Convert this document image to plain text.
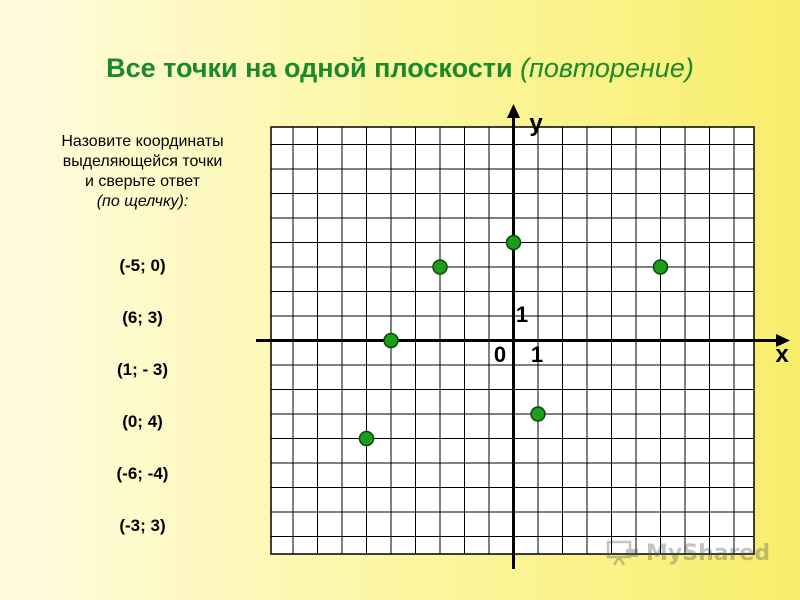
Все точки на одной плоскости (повторение)
Назовите координаты
выделяющейся точки
и сверьте ответ
(по щелчку):
(-5; 0)
(6; 3)
(1; - 3)
(0; 4)
(-6; -4)
(-3; 3)
y
x
0 1
1
MyShared
